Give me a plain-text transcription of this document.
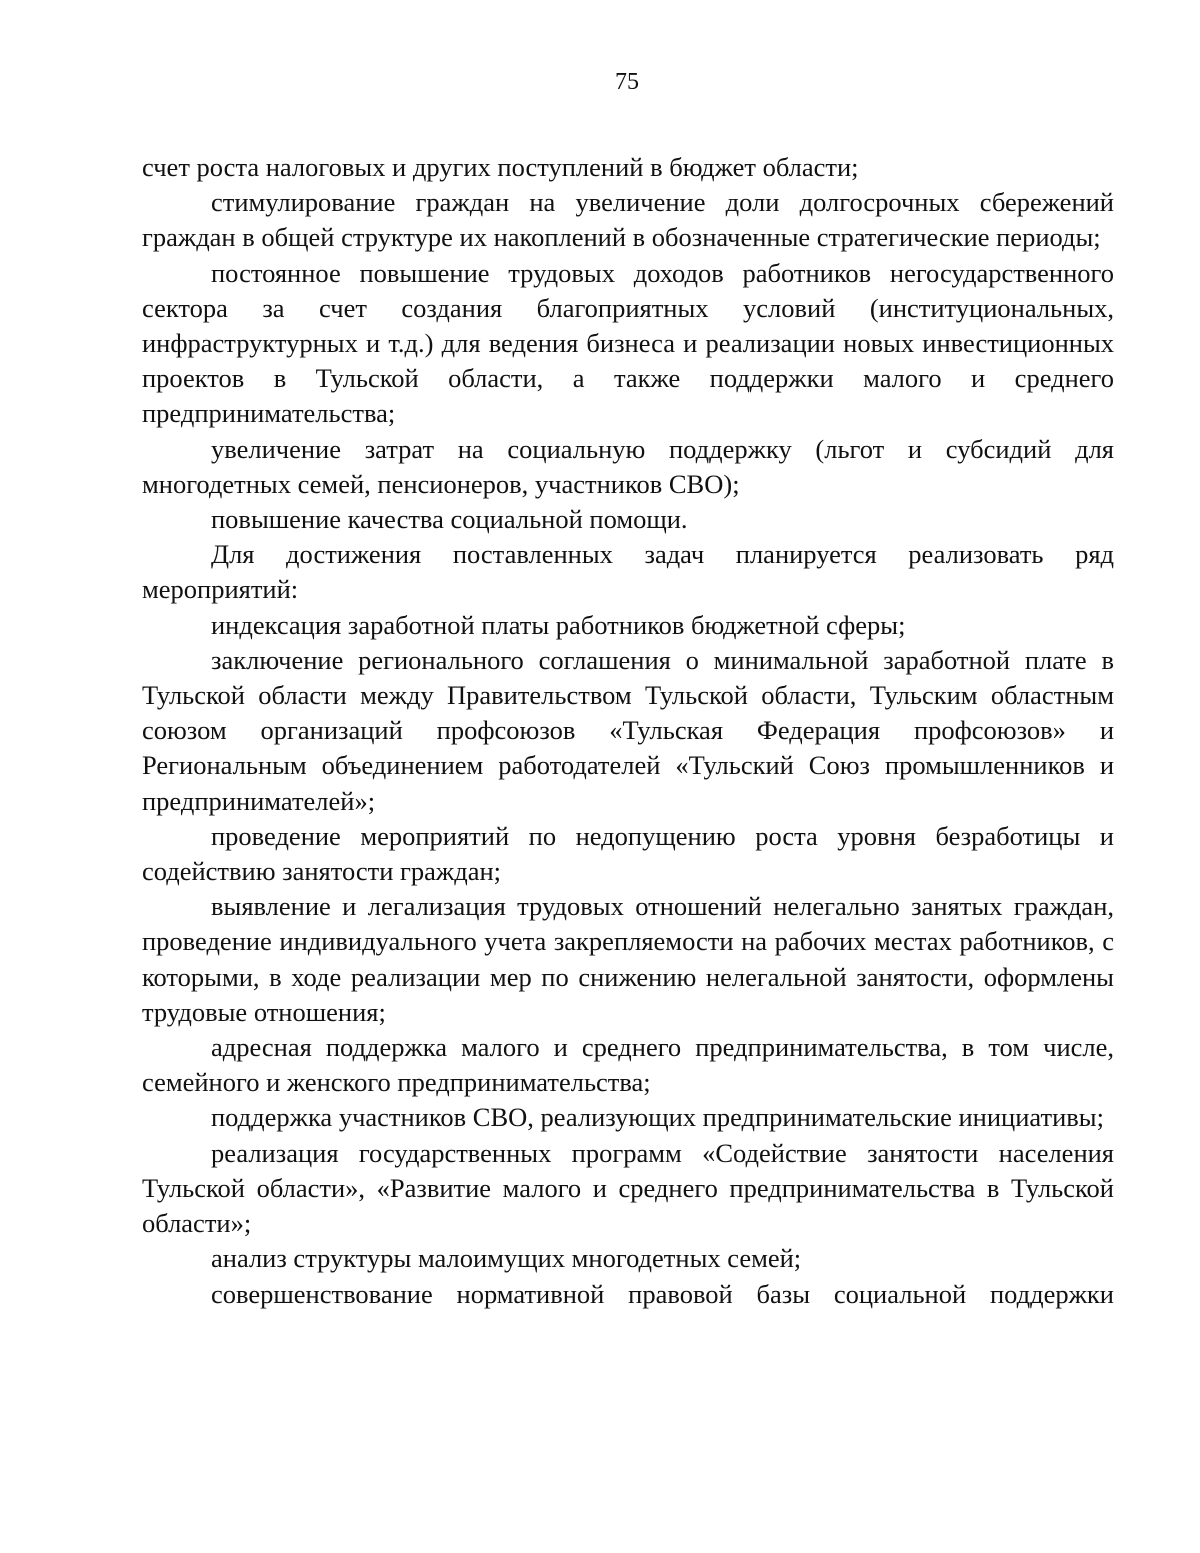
75

счет роста налоговых и других поступлений в бюджет области;

стимулирование граждан на увеличение доли долгосрочных сбережений граждан в общей структуре их накоплений в обозначенные стратегические периоды;

постоянное повышение трудовых доходов работников негосударственного сектора за счет создания благоприятных условий (институциональных, инфраструктурных и т.д.) для ведения бизнеса и реализации новых инвестиционных проектов в Тульской области, а также поддержки малого и среднего предпринимательства;

увеличение затрат на социальную поддержку (льгот и субсидий для многодетных семей, пенсионеров, участников СВО);

повышение качества социальной помощи.

Для достижения поставленных задач планируется реализовать ряд мероприятий:

индексация заработной платы работников бюджетной сферы;

заключение регионального соглашения о минимальной заработной плате в Тульской области между Правительством Тульской области, Тульским областным союзом организаций профсоюзов «Тульская Федерация профсоюзов» и Региональным объединением работодателей «Тульский Союз промышленников и предпринимателей»;

проведение мероприятий по недопущению роста уровня безработицы и содействию занятости граждан;

выявление и легализация трудовых отношений нелегально занятых граждан, проведение индивидуального учета закрепляемости на рабочих местах работников, с которыми, в ходе реализации мер по снижению нелегальной занятости, оформлены трудовые отношения;

адресная поддержка малого и среднего предпринимательства, в том числе, семейного и женского предпринимательства;

поддержка участников СВО, реализующих предпринимательские инициативы;

реализация государственных программ «Содействие занятости населения Тульской области», «Развитие малого и среднего предпринимательства в Тульской области»;

анализ структуры малоимущих многодетных семей;

совершенствование нормативной правовой базы социальной поддержки
